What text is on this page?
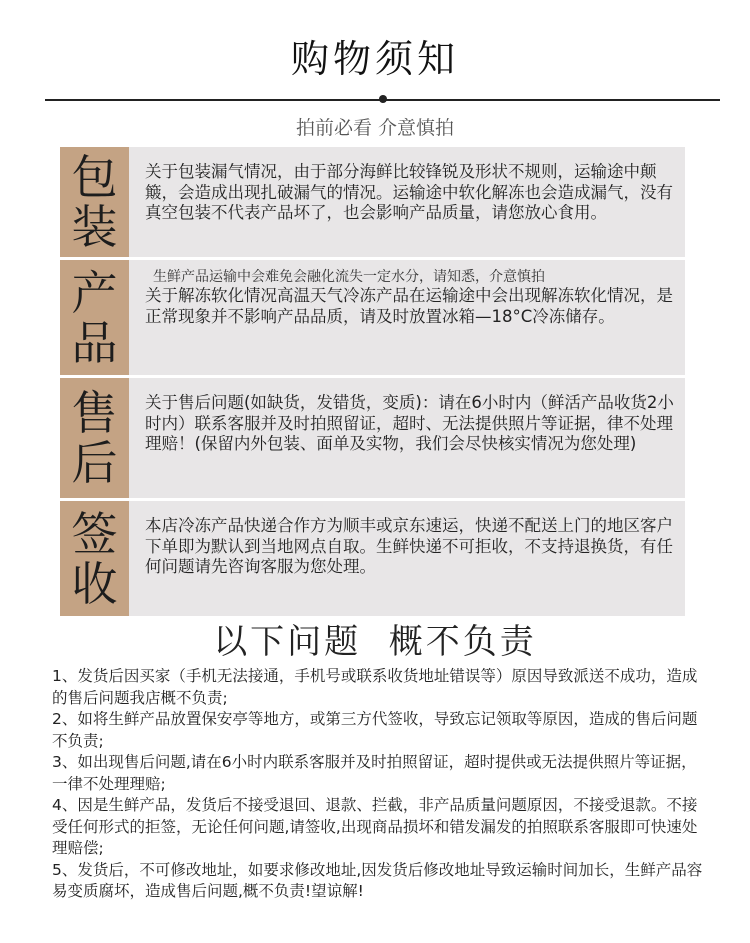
购物须知
拍前必看 介意慎拍
包
装
关于包装漏气情况，由于部分海鲜比较锋锐及形状不规则，运输途中颠簸，会造成出现扎破漏气的情况。运输途中软化解冻也会造成漏气，没有真空包装不代表产品坏了，也会影响产品质量，请您放心食用。
产
品
生鲜产品运输中会难免会融化流失一定水分，请知悉，介意慎拍
关于解冻软化情况高温天气冷冻产品在运输途中会出现解冻软化情况，是正常现象并不影响产品品质，请及时放置冰箱—18°C冷冻储存。
售
后
关于售后问题(如缺货，发错货，变质)：请在6小时内（鲜活产品收货2小时内）联系客服并及时拍照留证，超时、无法提供照片等证据，律不处理理赔！(保留内外包装、面单及实物，我们会尽快核实情况为您处理)
签
收
本店冷冻产品快递合作方为顺丰或京东速运，快递不配送上门的地区客户下单即为默认到当地网点自取。生鲜快递不可拒收，不支持退换货，有任何问题请先咨询客服为您处理。
以下问题  概不负责

1、发货后因买家（手机无法接通，手机号或联系收货地址错误等）原因导致派送不成功，造成的售后问题我店概不负责;

2、如将生鲜产品放置保安亭等地方，或第三方代签收，导致忘记领取等原因，造成的售后问题不负责;

3、如出现售后问题,请在6小时内联系客服并及时拍照留证，超时提供或无法提供照片等证据，一律不处理理赔;

4、因是生鲜产品，发货后不接受退回、退款、拦截，非产品质量问题原因，不接受退款。不接受任何形式的拒签，无论任何问题,请签收,出现商品损坏和错发漏发的拍照联系客服即可快速处理赔偿;

5、发货后，不可修改地址，如要求修改地址,因发货后修改地址导致运输时间加长，生鲜产品容易变质腐坏，造成售后问题,概不负责!望谅解!
